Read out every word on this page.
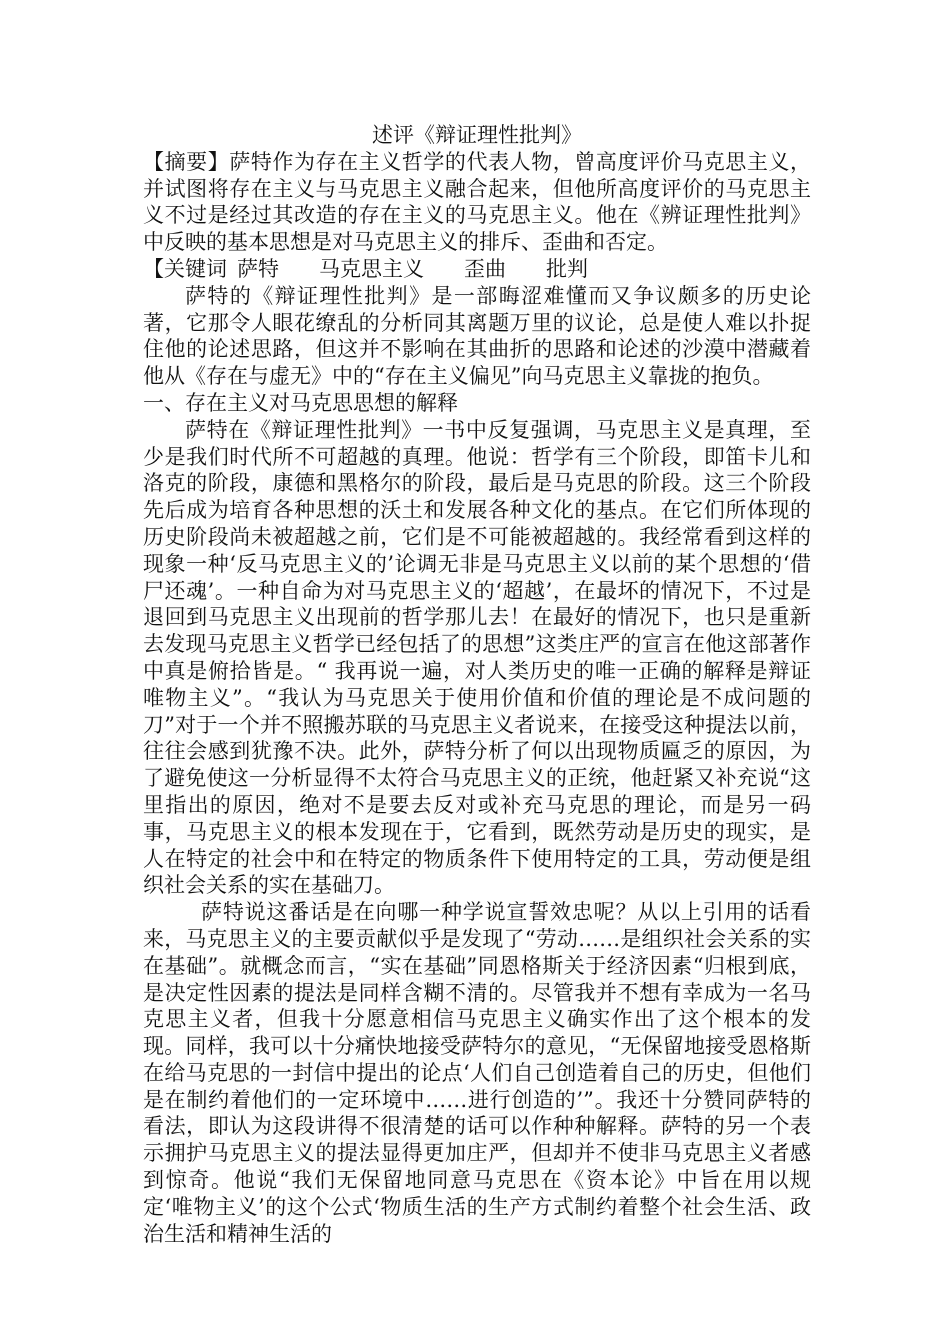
述评《辩证理性批判》

【摘要】萨特作为存在主义哲学的代表人物，曾高度评价马克思主义，并试图将存在主义与马克思主义融合起来，但他所高度评价的马克思主义不过是经过其改造的存在主义的马克思主义。他在《辨证理性批判》中反映的基本思想是对马克思主义的排斥、歪曲和否定。

【关键词 萨特 马克思主义 歪曲 批判

萨特的《辩证理性批判》是一部晦涩难懂而又争议颇多的历史论著，它那令人眼花缭乱的分析同其离题万里的议论，总是使人难以扑捉住他的论述思路，但这并不影响在其曲折的思路和论述的沙漠中潜藏着他从《存在与虚无》中的“存在主义偏见”向马克思主义靠拢的抱负。

一、存在主义对马克思思想的解释

萨特在《辩证理性批判》一书中反复强调，马克思主义是真理，至少是我们时代所不可超越的真理。他说：哲学有三个阶段，即笛卡儿和洛克的阶段，康德和黑格尔的阶段，最后是马克思的阶段。这三个阶段先后成为培育各种思想的沃土和发展各种文化的基点。在它们所体现的历史阶段尚未被超越之前，它们是不可能被超越的。我经常看到这样的现象一种‘反马克思主义的’论调无非是马克思主义以前的某个思想的‘借尸还魂’。一种自命为对马克思主义的‘超越’，在最坏的情况下，不过是退回到马克思主义出现前的哲学那儿去！在最好的情况下，也只是重新去发现马克思主义哲学已经包括了的思想”这类庄严的宣言在他这部著作中真是俯拾皆是。“ 我再说一遍，对人类历史的唯一正确的解释是辩证唯物主义”。“我认为马克思关于使用价值和价值的理论是不成问题的刀”对于一个并不照搬苏联的马克思主义者说来，在接受这种提法以前，往往会感到犹豫不决。此外，萨特分析了何以出现物质匾乏的原因，为了避免使这一分析显得不太符合马克思主义的正统，他赶紧又补充说“这里指出的原因，绝对不是要去反对或补充马克思的理论，而是另一码事，马克思主义的根本发现在于，它看到，既然劳动是历史的现实，是人在特定的社会中和在特定的物质条件下使用特定的工具，劳动便是组织社会关系的实在基础刀。

萨特说这番话是在向哪一种学说宣誓效忠呢？从以上引用的话看来，马克思主义的主要贡献似乎是发现了“劳动……是组织社会关系的实在基础”。就概念而言，“实在基础”同恩格斯关于经济因素“归根到底，是决定性因素的提法是同样含糊不清的。尽管我并不想有幸成为一名马克思主义者，但我十分愿意相信马克思主义确实作出了这个根本的发现。同样，我可以十分痛快地接受萨特尔的意见，“无保留地接受恩格斯在给马克思的一封信中提出的论点‘人们自己创造着自己的历史，但他们是在制约着他们的一定环境中……进行创造的’”。我还十分赞同萨特的看法，即认为这段讲得不很清楚的话可以作种种解释。萨特的另一个表示拥护马克思主义的提法显得更加庄严，但却并不使非马克思主义者感到惊奇。他说“我们无保留地同意马克思在《资本论》中旨在用以规定‘唯物主义’的这个公式‘物质生活的生产方式制约着整个社会生活、政治生活和精神生活的
